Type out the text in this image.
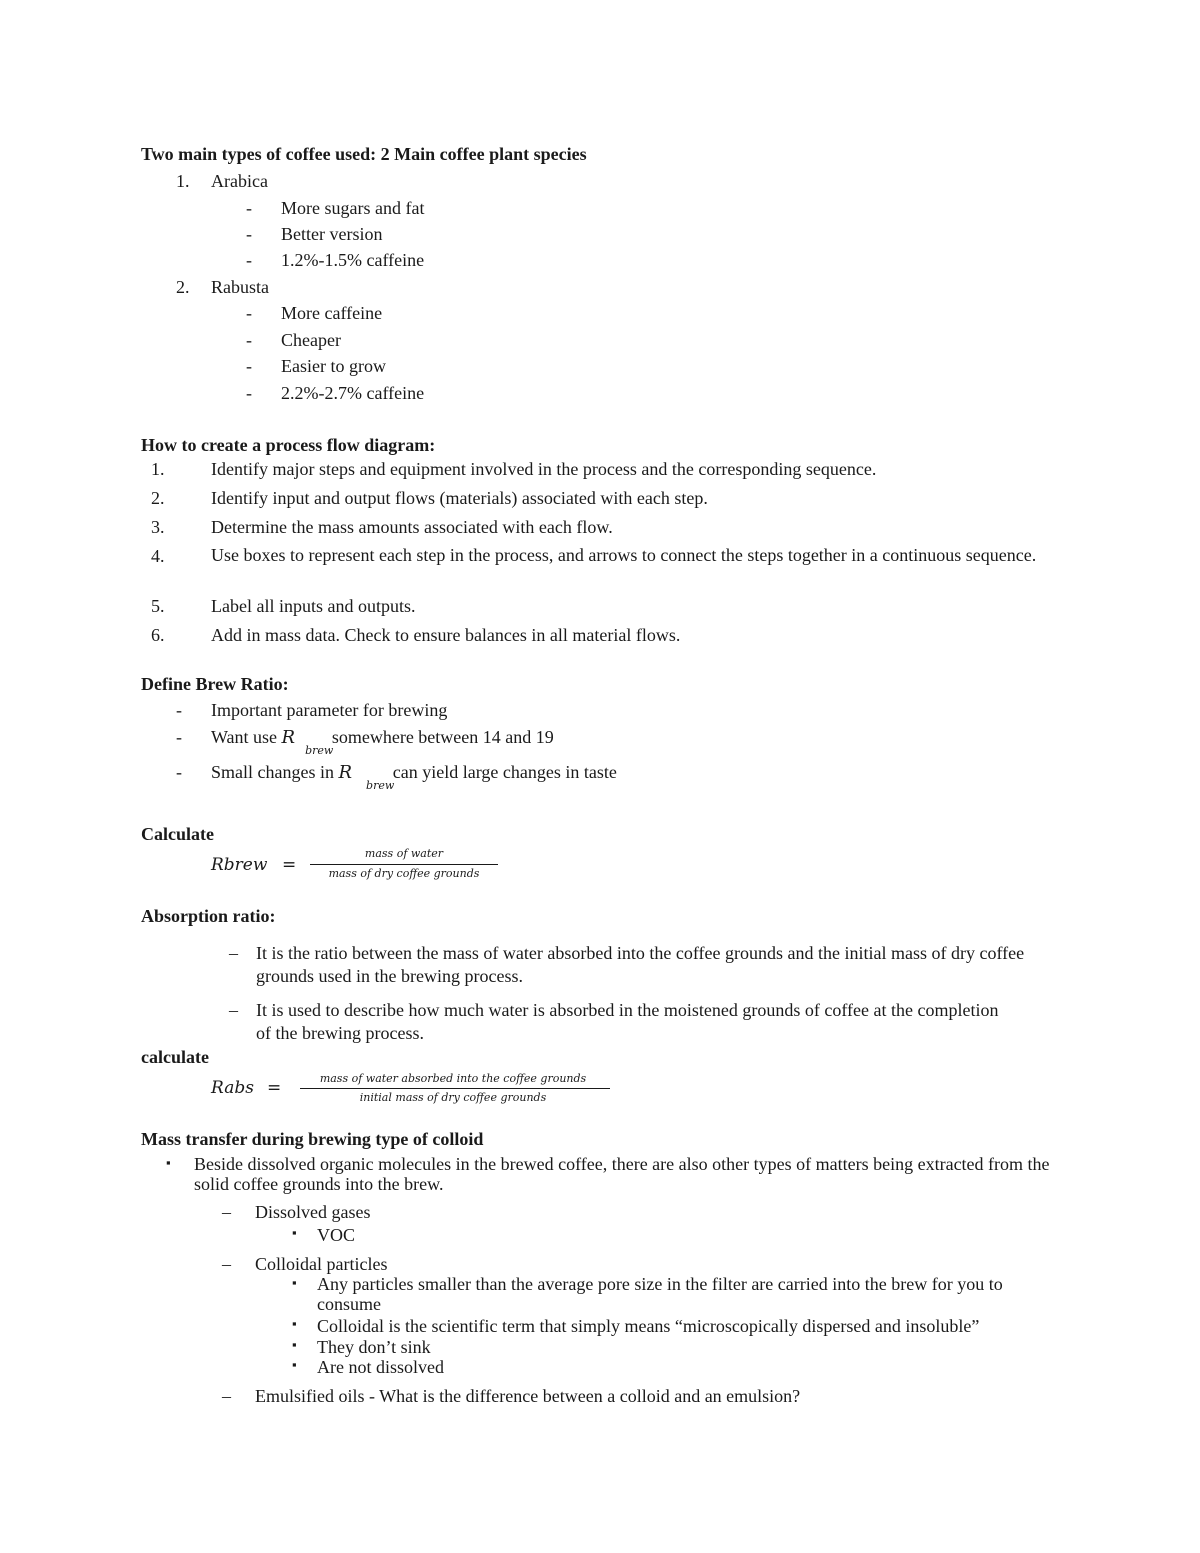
Two main types of coffee used: 2 Main coffee plant species
1. Arabica
- More sugars and fat
- Better version
- 1.2%-1.5% caffeine
2. Rabusta
- More caffeine
- Cheaper
- Easier to grow
- 2.2%-2.7% caffeine
How to create a process flow diagram:
1.	Identify major steps and equipment involved in the process and the corresponding sequence.
2.	Identify input and output flows (materials) associated with each step.
3.	Determine the mass amounts associated with each flow.
4.	Use boxes to represent each step in the process, and arrows to connect the steps together in a continuous sequence.
5.	Label all inputs and outputs.
6.	Add in mass data. Check to ensure balances in all material flows.
Define Brew Ratio:
- Important parameter for brewing
- Want use $R_{brew}$ somewhere between 14 and 19
- Small changes in $R_{brew}$ can yield large changes in taste
Calculate
Rbrew =
mass of water
mass of dry coffee grounds
Absorption ratio:
– It is the ratio between the mass of water absorbed into the coffee grounds and the initial mass of dry coffee grounds used in the brewing process.
– It is used to describe how much water is absorbed in the moistened grounds of coffee at the completion of the brewing process.
calculate
Rabs =	mass of water absorbed into the coffee grounds
initial mass of dry coffee grounds
Mass transfer during brewing type of colloid
▪ Beside dissolved organic molecules in the brewed coffee, there are also other types of matters being extracted from the solid coffee grounds into the brew.
– Dissolved gases
▪ VOC
– Colloidal particles
▪ Any particles smaller than the average pore size in the filter are carried into the brew for you to consume
▪ Colloidal is the scientific term that simply means “microscopically dispersed and insoluble”
▪ They don’t sink
▪ Are not dissolved
– Emulsified oils - What is the difference between a colloid and an emulsion?
